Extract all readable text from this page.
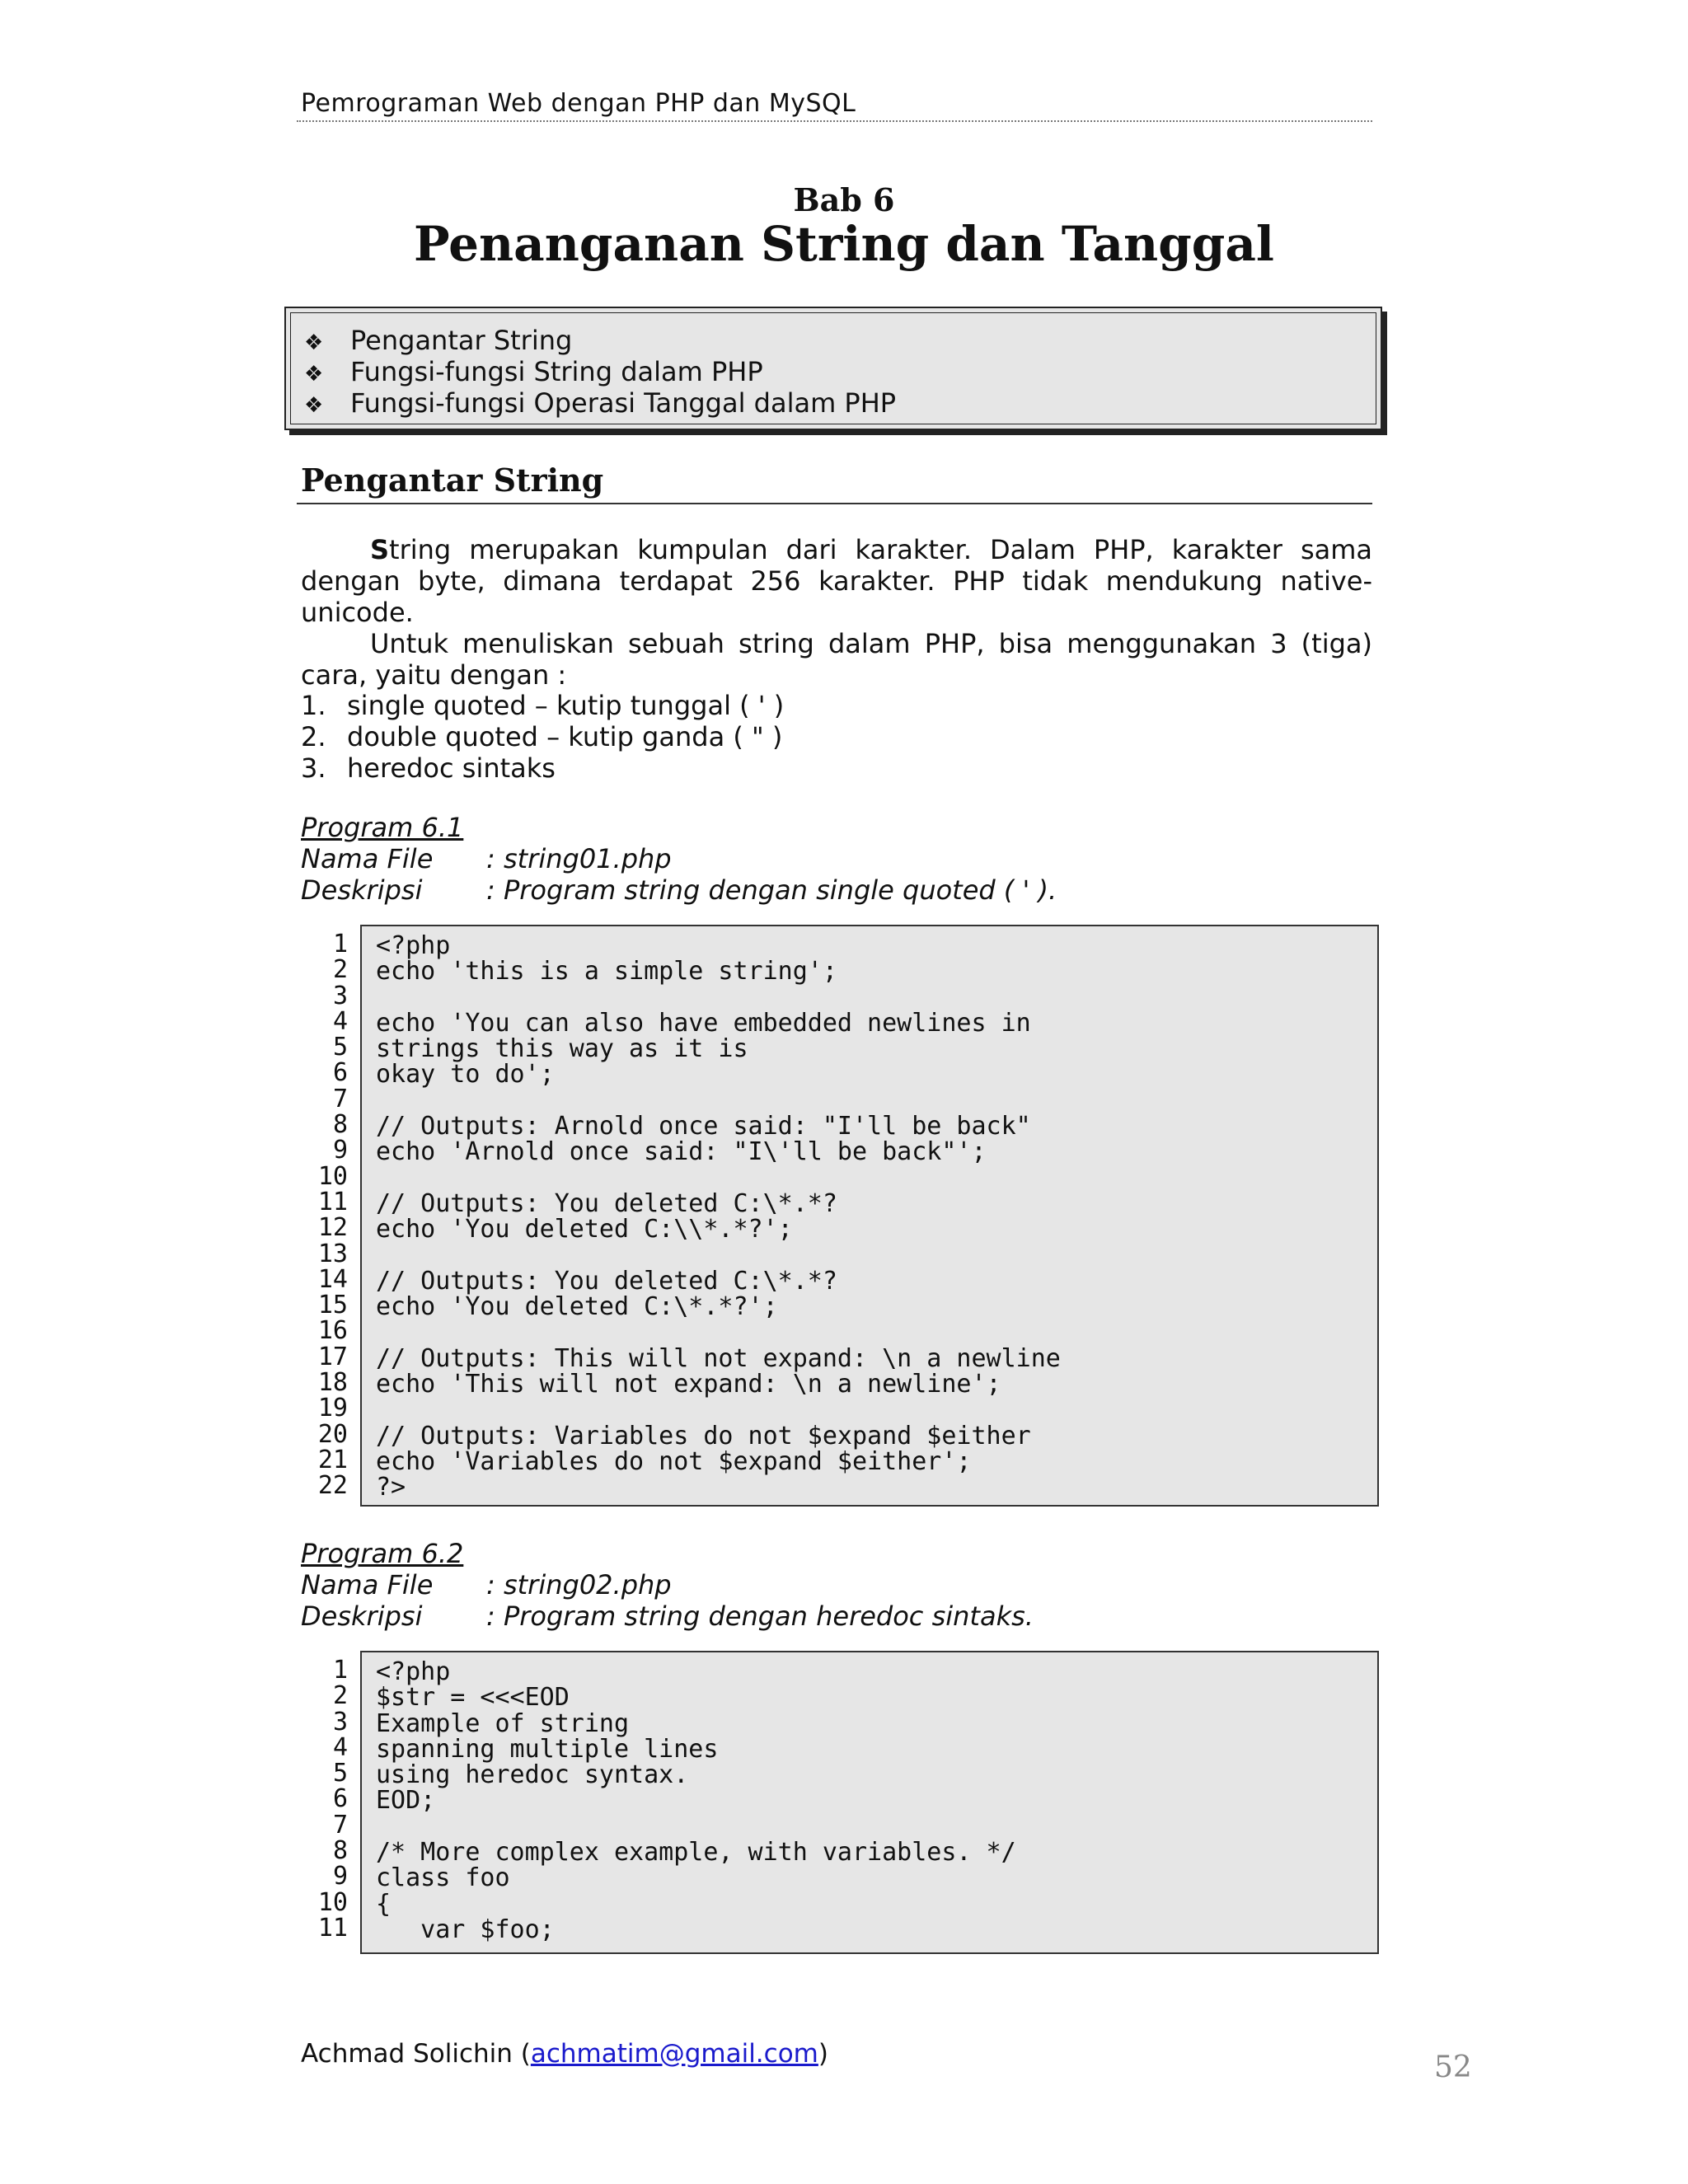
Pemrograman Web dengan PHP dan MySQL
Bab 6
Penanganan String dan Tanggal
❖ Pengantar String
❖ Fungsi-fungsi String dalam PHP
❖ Fungsi-fungsi Operasi Tanggal dalam PHP
Pengantar String

String merupakan kumpulan dari karakter. Dalam PHP, karakter sama dengan byte, dimana terdapat 256 karakter. PHP tidak mendukung native-unicode.

Untuk menuliskan sebuah string dalam PHP, bisa menggunakan 3 (tiga) cara, yaitu dengan :

1. single quoted – kutip tunggal ( ' )
2. double quoted – kutip ganda ( " )
3. heredoc sintaks
Program 6.1
Nama File : string01.php
Deskripsi : Program string dengan single quoted ( ' ).
1
2
3
4
5
6
7
8
9
10
11
12
13
14
15
16
17
18
19
20
21
22
<?php
echo 'this is a simple string';

echo 'You can also have embedded newlines in
strings this way as it is
okay to do';

// Outputs: Arnold once said: "I'll be back"
echo 'Arnold once said: "I\'ll be back"';

// Outputs: You deleted C:\*.*?
echo 'You deleted C:\\*.*?';

// Outputs: You deleted C:\*.*?
echo 'You deleted C:\*.*?';

// Outputs: This will not expand: \n a newline
echo 'This will not expand: \n a newline';

// Outputs: Variables do not $expand $either
echo 'Variables do not $expand $either';
?>
Program 6.2
Nama File : string02.php
Deskripsi : Program string dengan heredoc sintaks.
1
2
3
4
5
6
7
8
9
10
11
<?php
$str = <<<EOD
Example of string
spanning multiple lines
using heredoc syntax.
EOD;

/* More complex example, with variables. */
class foo
{
var $foo;
Achmad Solichin (achmatim@gmail.com)	52
